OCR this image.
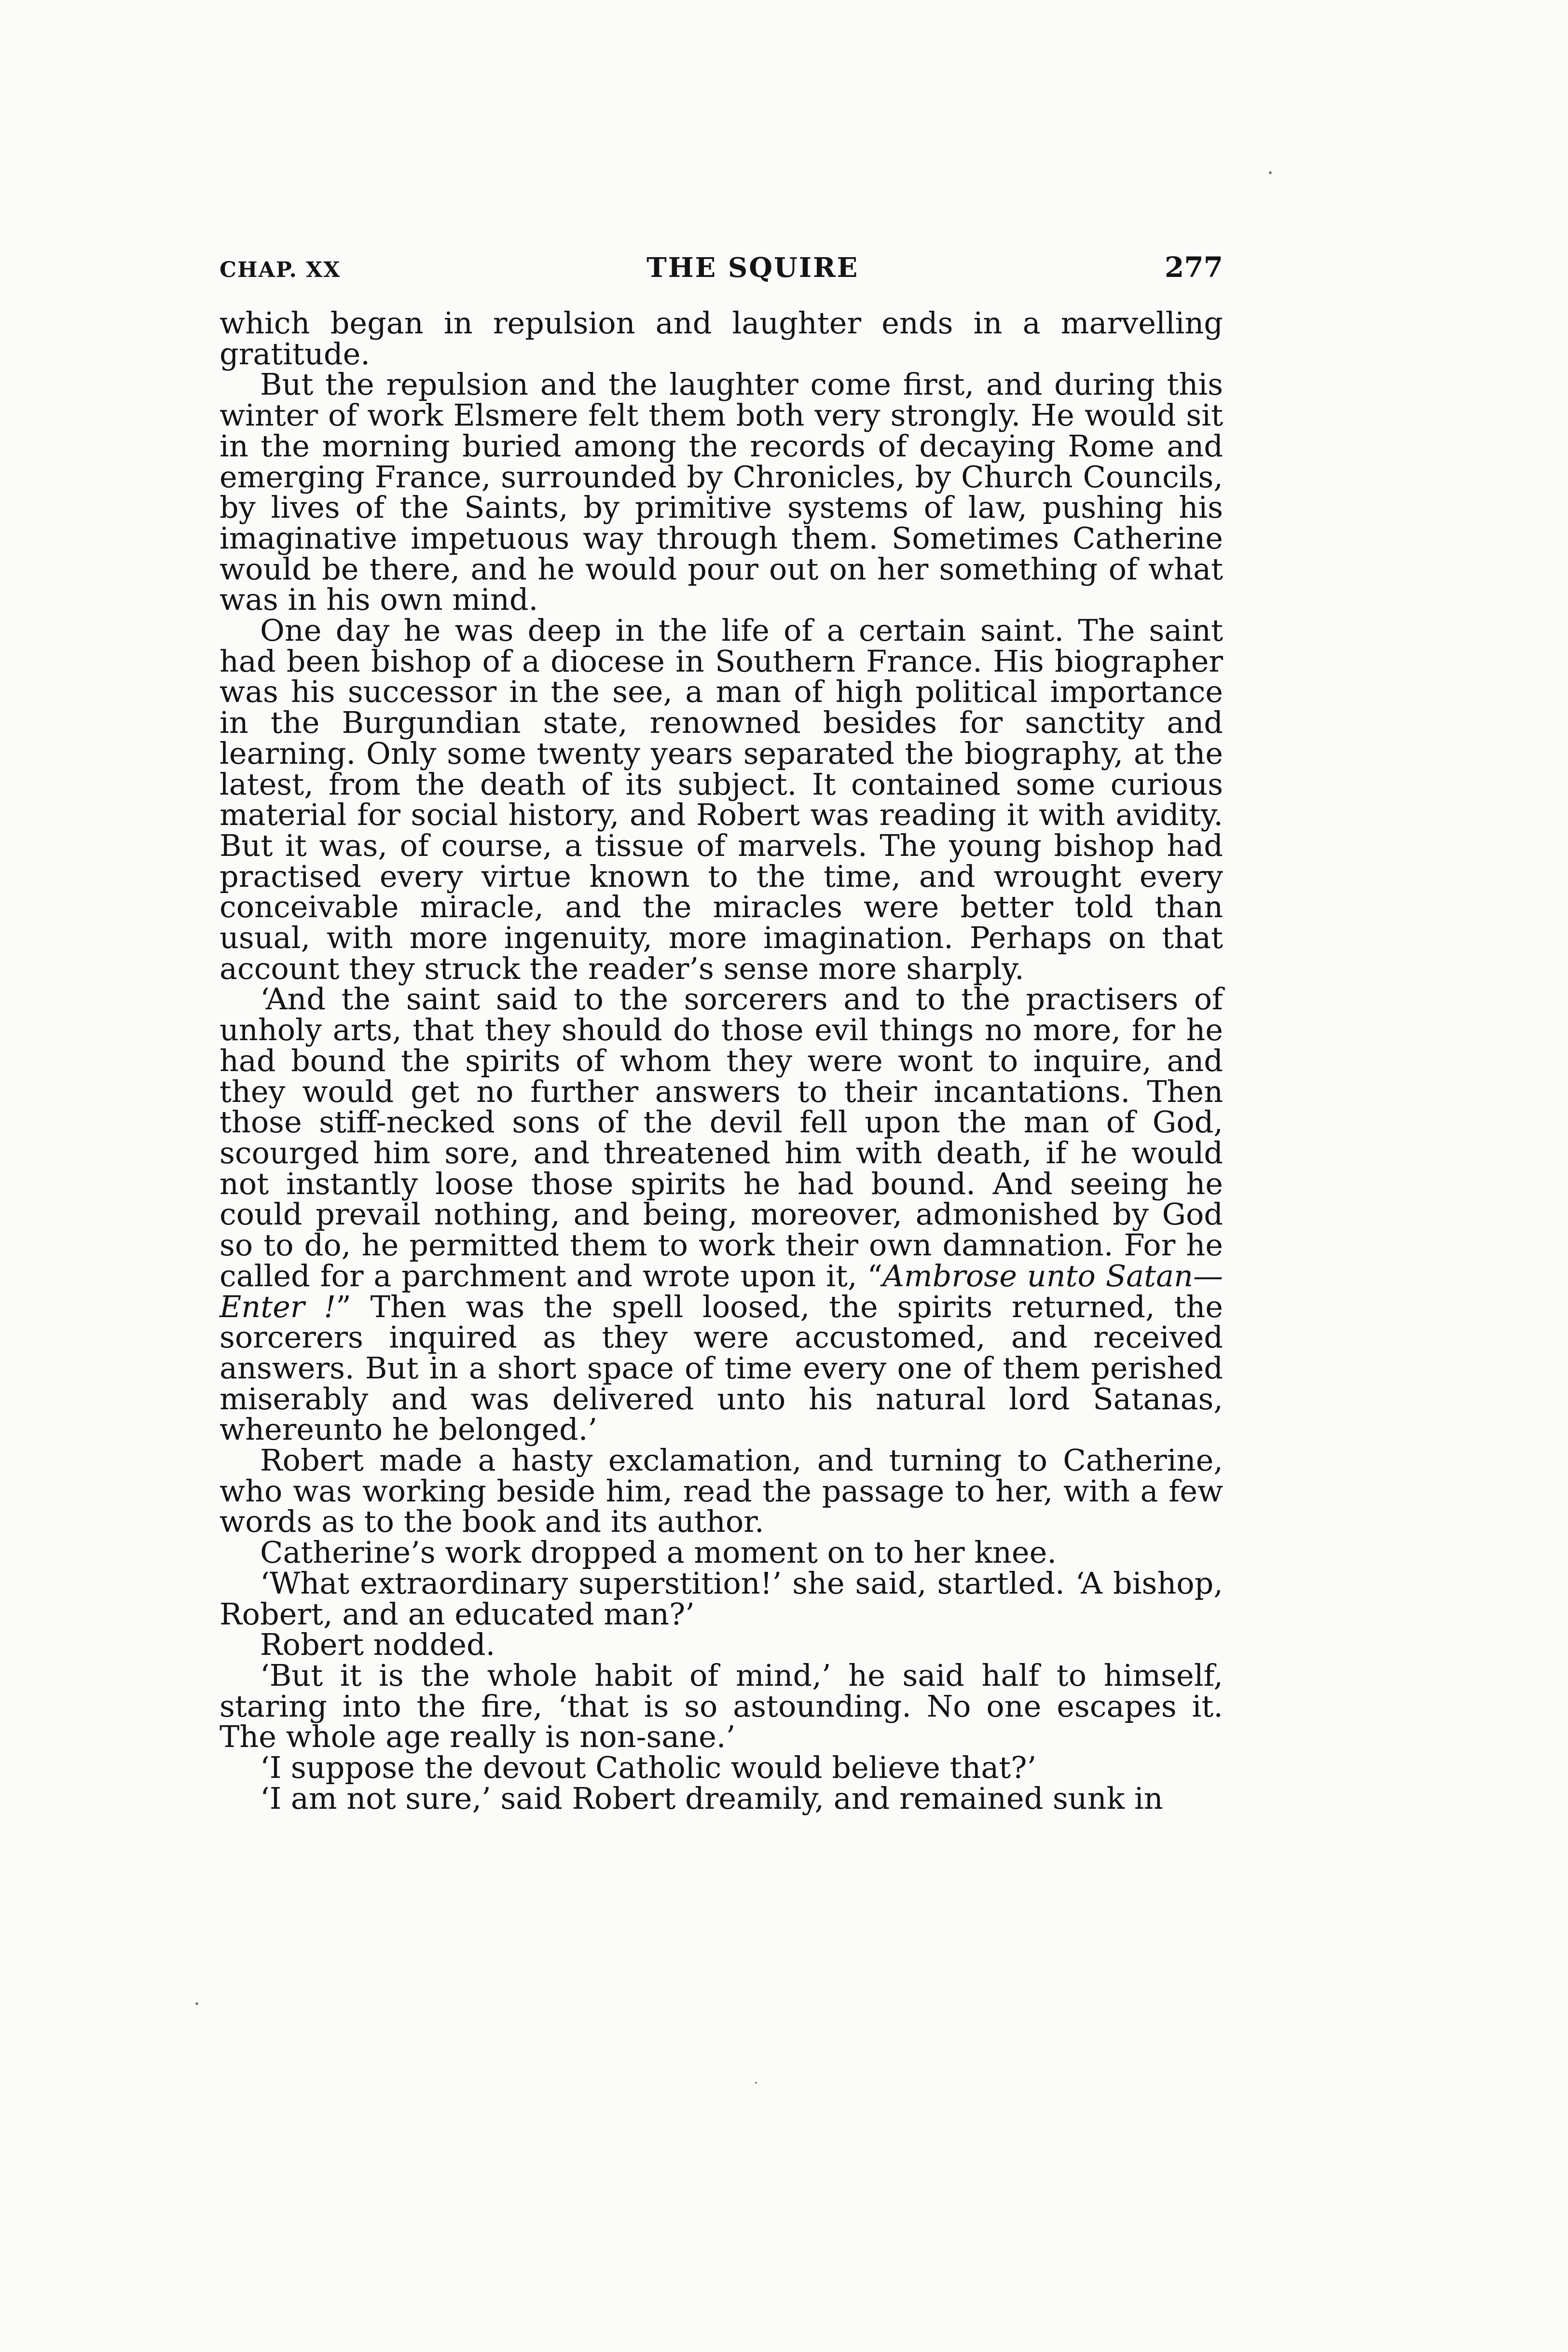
CHAP. XX	THE SQUIRE	277

which began in repulsion and laughter ends in a marvelling gratitude.

But the repulsion and the laughter come first, and during this winter of work Elsmere felt them both very strongly. He would sit in the morning buried among the records of decaying Rome and emerging France, surrounded by Chronicles, by Church Councils, by lives of the Saints, by primitive systems of law, pushing his imaginative impetuous way through them. Sometimes Catherine would be there, and he would pour out on her something of what was in his own mind.

One day he was deep in the life of a certain saint. The saint had been bishop of a diocese in Southern France. His biographer was his successor in the see, a man of high political importance in the Burgundian state, renowned besides for sanctity and learning. Only some twenty years separated the biography, at the latest, from the death of its subject. It contained some curious material for social history, and Robert was reading it with avidity. But it was, of course, a tissue of marvels. The young bishop had practised every virtue known to the time, and wrought every conceivable miracle, and the miracles were better told than usual, with more ingenuity, more imagination. Perhaps on that account they struck the reader’s sense more sharply.

‘And the saint said to the sorcerers and to the practisers of unholy arts, that they should do those evil things no more, for he had bound the spirits of whom they were wont to inquire, and they would get no further answers to their incantations. Then those stiff-necked sons of the devil fell upon the man of God, scourged him sore, and threatened him with death, if he would not instantly loose those spirits he had bound. And seeing he could prevail nothing, and being, moreover, admonished by God so to do, he permitted them to work their own damnation. For he called for a parchment and wrote upon it, “Ambrose unto Satan—Enter !” Then was the spell loosed, the spirits returned, the sorcerers inquired as they were accustomed, and received answers. But in a short space of time every one of them perished miserably and was delivered unto his natural lord Satanas, whereunto he belonged.’

Robert made a hasty exclamation, and turning to Catherine, who was working beside him, read the passage to her, with a few words as to the book and its author.

Catherine’s work dropped a moment on to her knee.

‘What extraordinary superstition!’ she said, startled. ‘A bishop, Robert, and an educated man?’

Robert nodded.

‘But it is the whole habit of mind,’ he said half to himself, staring into the fire, ‘that is so astounding. No one escapes it. The whole age really is non-sane.’

‘I suppose the devout Catholic would believe that?’

‘I am not sure,’ said Robert dreamily, and remained sunk in
